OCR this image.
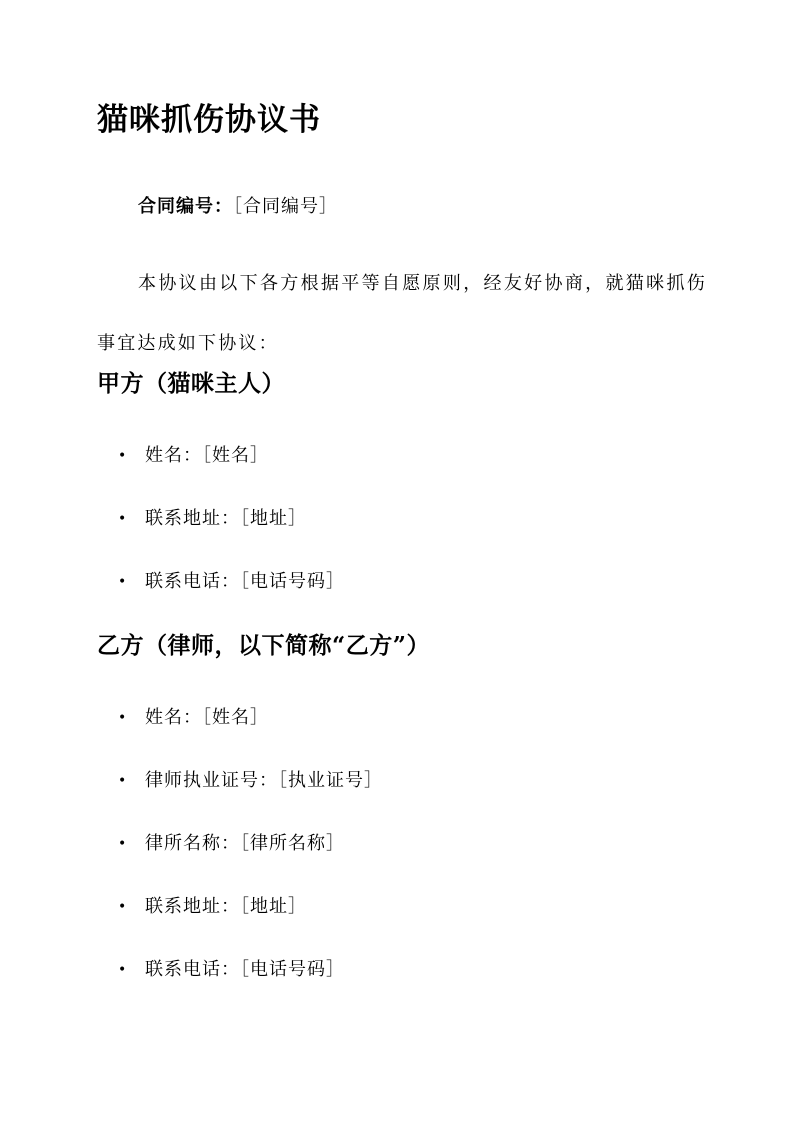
猫咪抓伤协议书
合同编号：［合同编号］

本协议由以下各方根据平等自愿原则，经友好协商，就猫咪抓伤事宜达成如下协议：

甲方（猫咪主人）
• 姓名：［姓名］
• 联系地址：［地址］
• 联系电话：［电话号码］
乙方（律师，以下简称“乙方”）
• 姓名：［姓名］
• 律师执业证号：［执业证号］
• 律所名称：［律所名称］
• 联系地址：［地址］
• 联系电话：［电话号码］
